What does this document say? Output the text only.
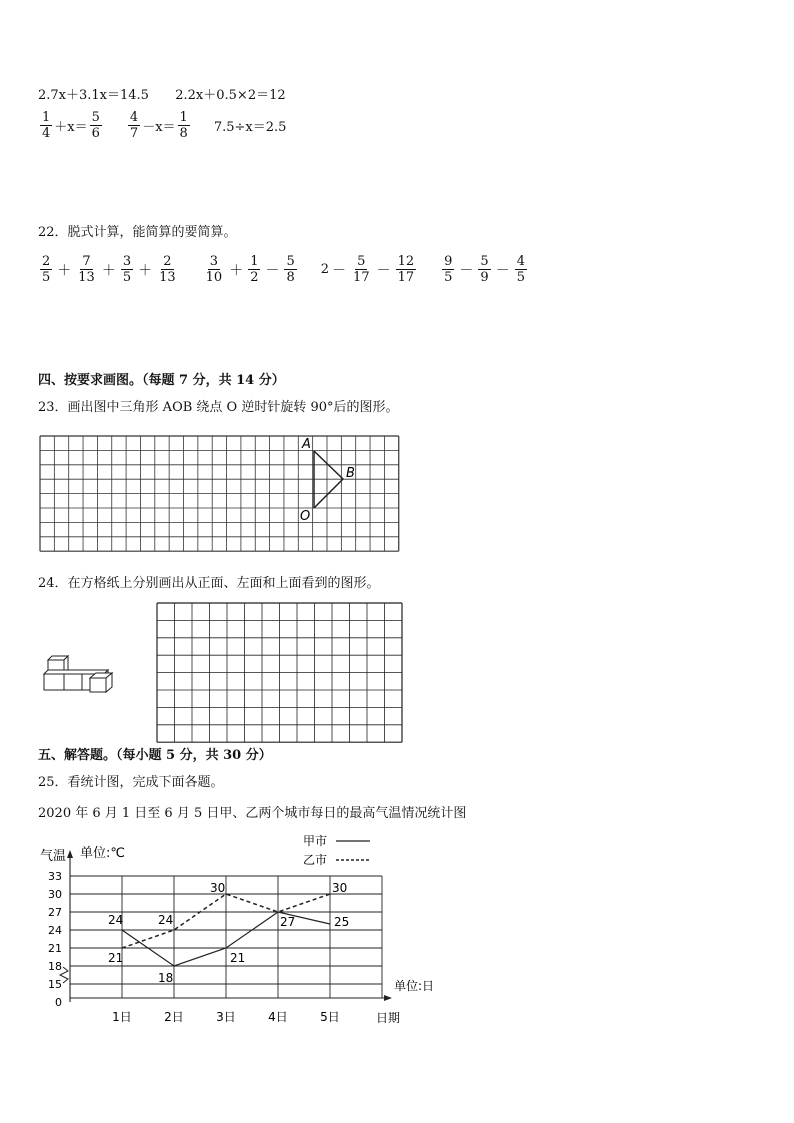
2.7x＋3.1x＝14.5 2.2x＋0.5×2＝12
$\frac{1}{4} +x= \frac{5}{6} \frac{4}{7} -x= \frac{1}{8} 7.5\div x=2.5$
22．脱式计算，能简算的要简算。
$\frac{2}{5} + \frac{7}{13} + \frac{3}{5} + \frac{2}{13} \frac{3}{10} + \frac{1}{2} - \frac{5}{8} 2 - \frac{5}{17} - \frac{12}{17} \frac{9}{5} - \frac{5}{9} - \frac{4}{5}$
四、按要求画图。（每题 7 分，共 14 分）
23．画出图中三角形 AOB 绕点 O 逆时针旋转 90°后的图形。
A
B
O
24．在方格纸上分别画出从正面、左面和上面看到的图形。
五、解答题。（每小题 5 分，共 30 分）
25．看统计图，完成下面各题。
2020 年 6 月 1 日至 6 月 5 日甲、乙两个城市每日的最高气温情况统计图
0
15
18
21
24
27
30
33
1日	2日	3日	4日	5日
24
21
24
18
30
21
27
30
25
气温 单位:℃
单位:日
日期
甲市
乙市
